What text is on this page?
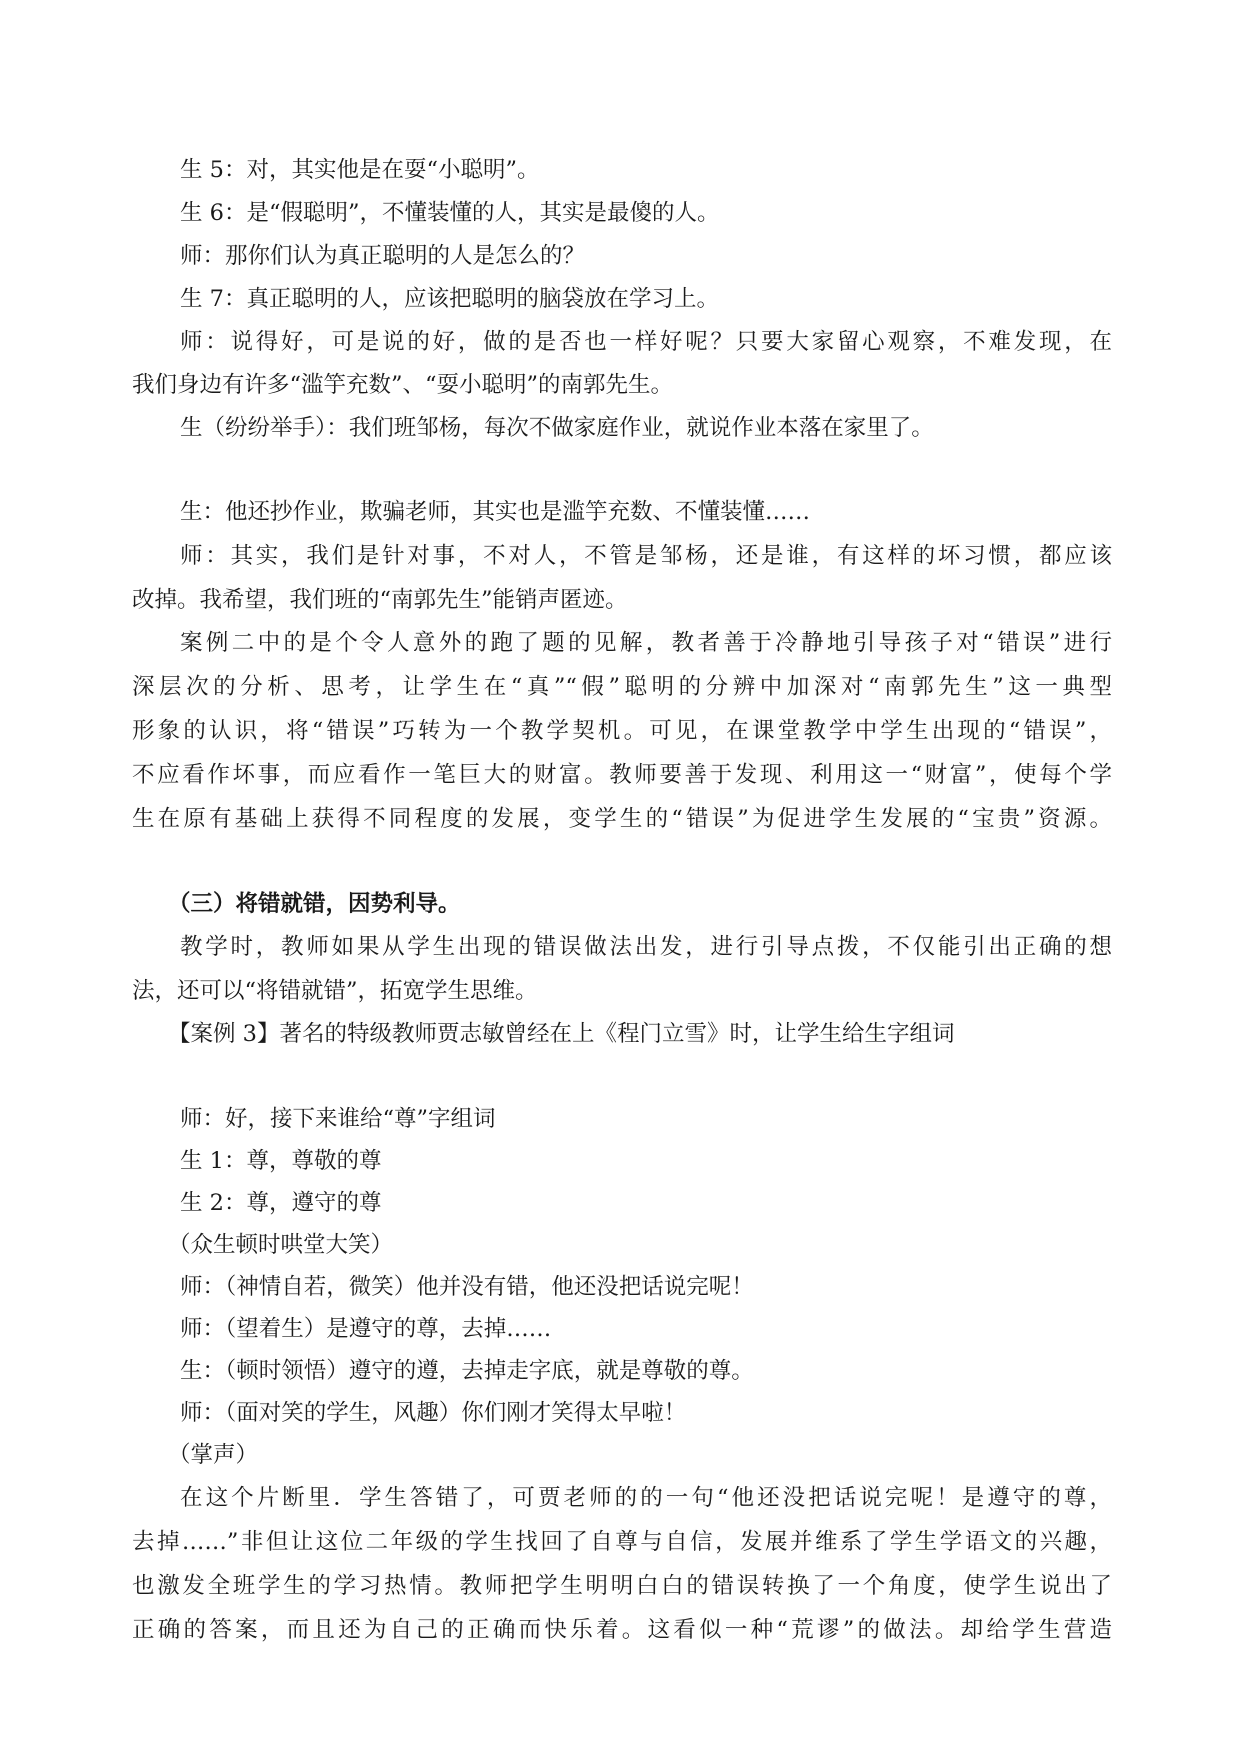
生 5：对，其实他是在耍“小聪明”。
生 6：是“假聪明”，不懂装懂的人，其实是最傻的人。
师：那你们认为真正聪明的人是怎么的？
生 7：真正聪明的人，应该把聪明的脑袋放在学习上。
师：说得好，可是说的好，做的是否也一样好呢？只要大家留心观察，不难发现，在
我们身边有许多“滥竽充数”、“耍小聪明”的南郭先生。
生（纷纷举手）：我们班邹杨，每次不做家庭作业，就说作业本落在家里了。
生：他还抄作业，欺骗老师，其实也是滥竽充数、不懂装懂……
师：其实，我们是针对事，不对人，不管是邹杨，还是谁，有这样的坏习惯，都应该
改掉。我希望，我们班的“南郭先生”能销声匿迹。
案例二中的是个令人意外的跑了题的见解，教者善于冷静地引导孩子对“错误”进行
深层次的分析、思考，让学生在“真”“假”聪明的分辨中加深对“南郭先生”这一典型
形象的认识，将“错误”巧转为一个教学契机。可见，在课堂教学中学生出现的“错误”，
不应看作坏事，而应看作一笔巨大的财富。教师要善于发现、利用这一“财富”，使每个学
生在原有基础上获得不同程度的发展，变学生的“错误”为促进学生发展的“宝贵”资源。
（三）将错就错，因势利导。
教学时，教师如果从学生出现的错误做法出发，进行引导点拨，不仅能引出正确的想
法，还可以“将错就错”，拓宽学生思维。
【案例 3】著名的特级教师贾志敏曾经在上《程门立雪》时，让学生给生字组词
师：好，接下来谁给“尊”字组词
生 1：尊，尊敬的尊
生 2：尊，遵守的尊
（众生顿时哄堂大笑）
师：（神情自若，微笑）他并没有错，他还没把话说完呢！
师：（望着生）是遵守的尊，去掉……
生：（顿时领悟）遵守的遵，去掉走字底，就是尊敬的尊。
师：（面对笑的学生，风趣）你们刚才笑得太早啦！
（掌声）
在这个片断里．学生答错了，可贾老师的的一句“他还没把话说完呢！是遵守的尊，
去掉……”非但让这位二年级的学生找回了自尊与自信，发展并维系了学生学语文的兴趣，
也激发全班学生的学习热情。教师把学生明明白白的错误转换了一个角度，使学生说出了
正确的答案，而且还为自己的正确而快乐着。这看似一种“荒谬”的做法。却给学生营造
